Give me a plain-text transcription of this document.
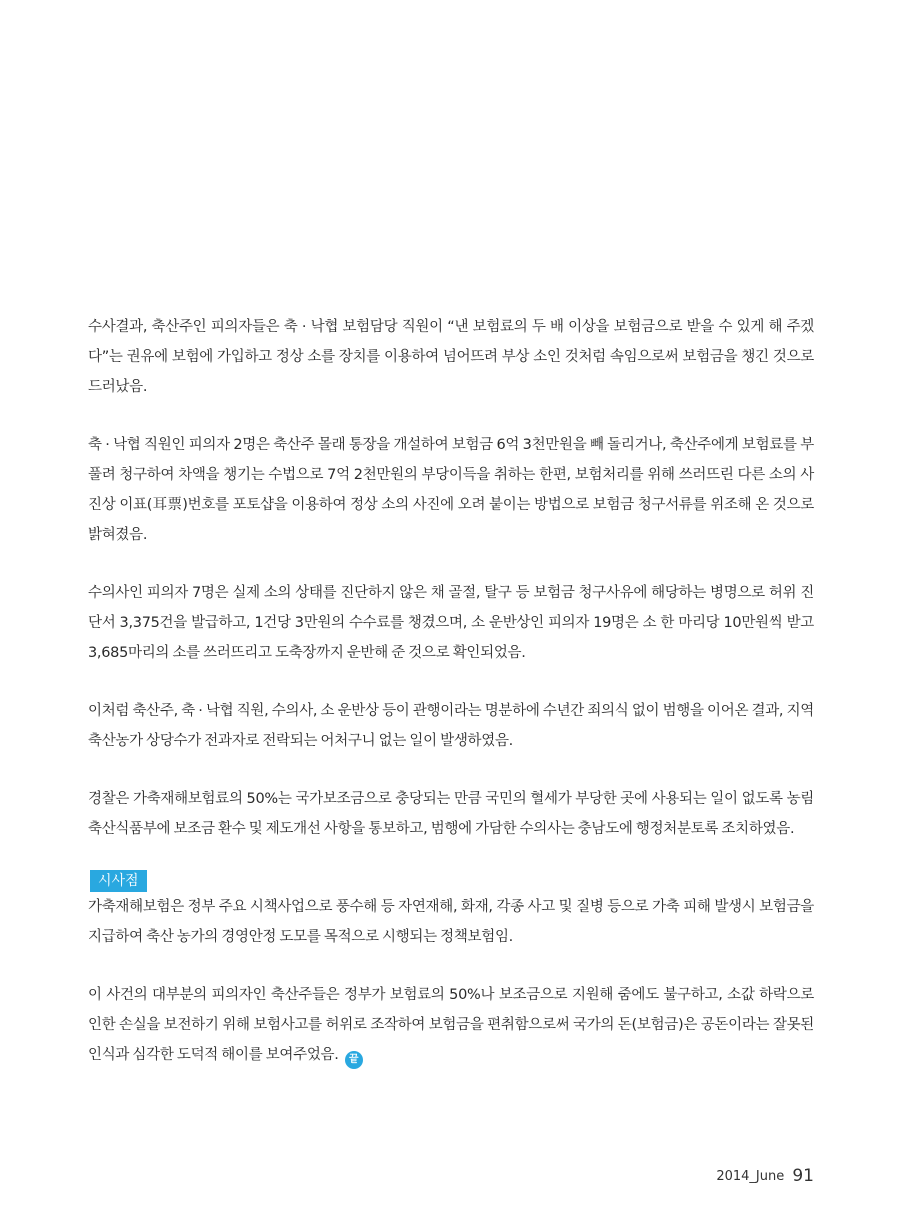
수사결과, 축산주인 피의자들은 축 · 낙협 보험담당 직원이 “낸 보험료의 두 배 이상을 보험금으로 받을 수 있게 해 주겠다”는 권유에 보험에 가입하고 정상 소를 장치를 이용하여 넘어뜨려 부상 소인 것처럼 속임으로써 보험금을 챙긴 것으로 드러났음.

축 · 낙협 직원인 피의자 2명은 축산주 몰래 통장을 개설하여 보험금 6억 3천만원을 빼 돌리거나, 축산주에게 보험료를 부풀려 청구하여 차액을 챙기는 수법으로 7억 2천만원의 부당이득을 취하는 한편, 보험처리를 위해 쓰러뜨린 다른 소의 사진상 이표(耳票)번호를 포토샵을 이용하여 정상 소의 사진에 오려 붙이는 방법으로 보험금 청구서류를 위조해 온 것으로 밝혀졌음.

수의사인 피의자 7명은 실제 소의 상태를 진단하지 않은 채 골절, 탈구 등 보험금 청구사유에 해당하는 병명으로 허위 진단서 3,375건을 발급하고, 1건당 3만원의 수수료를 챙겼으며, 소 운반상인 피의자 19명은 소 한 마리당 10만원씩 받고 3,685마리의 소를 쓰러뜨리고 도축장까지 운반해 준 것으로 확인되었음.

이처럼 축산주, 축 · 낙협 직원, 수의사, 소 운반상 등이 관행이라는 명분하에 수년간 죄의식 없이 범행을 이어온 결과, 지역 축산농가 상당수가 전과자로 전락되는 어처구니 없는 일이 발생하였음.

경찰은 가축재해보험료의 50%는 국가보조금으로 충당되는 만큼 국민의 혈세가 부당한 곳에 사용되는 일이 없도록 농림축산식품부에 보조금 환수 및 제도개선 사항을 통보하고, 범행에 가담한 수의사는 충남도에 행정처분토록 조치하였음.

시사점

가축재해보험은 정부 주요 시책사업으로 풍수해 등 자연재해, 화재, 각종 사고 및 질병 등으로 가축 피해 발생시 보험금을 지급하여 축산 농가의 경영안정 도모를 목적으로 시행되는 정책보험임.

이 사건의 대부분의 피의자인 축산주들은 정부가 보험료의 50%나 보조금으로 지원해 줌에도 불구하고, 소값 하락으로 인한 손실을 보전하기 위해 보험사고를 허위로 조작하여 보험금을 편취함으로써 국가의 돈(보험금)은 공돈이라는 잘못된 인식과 심각한 도덕적 해이를 보여주었음. 끝

2014_June 91
